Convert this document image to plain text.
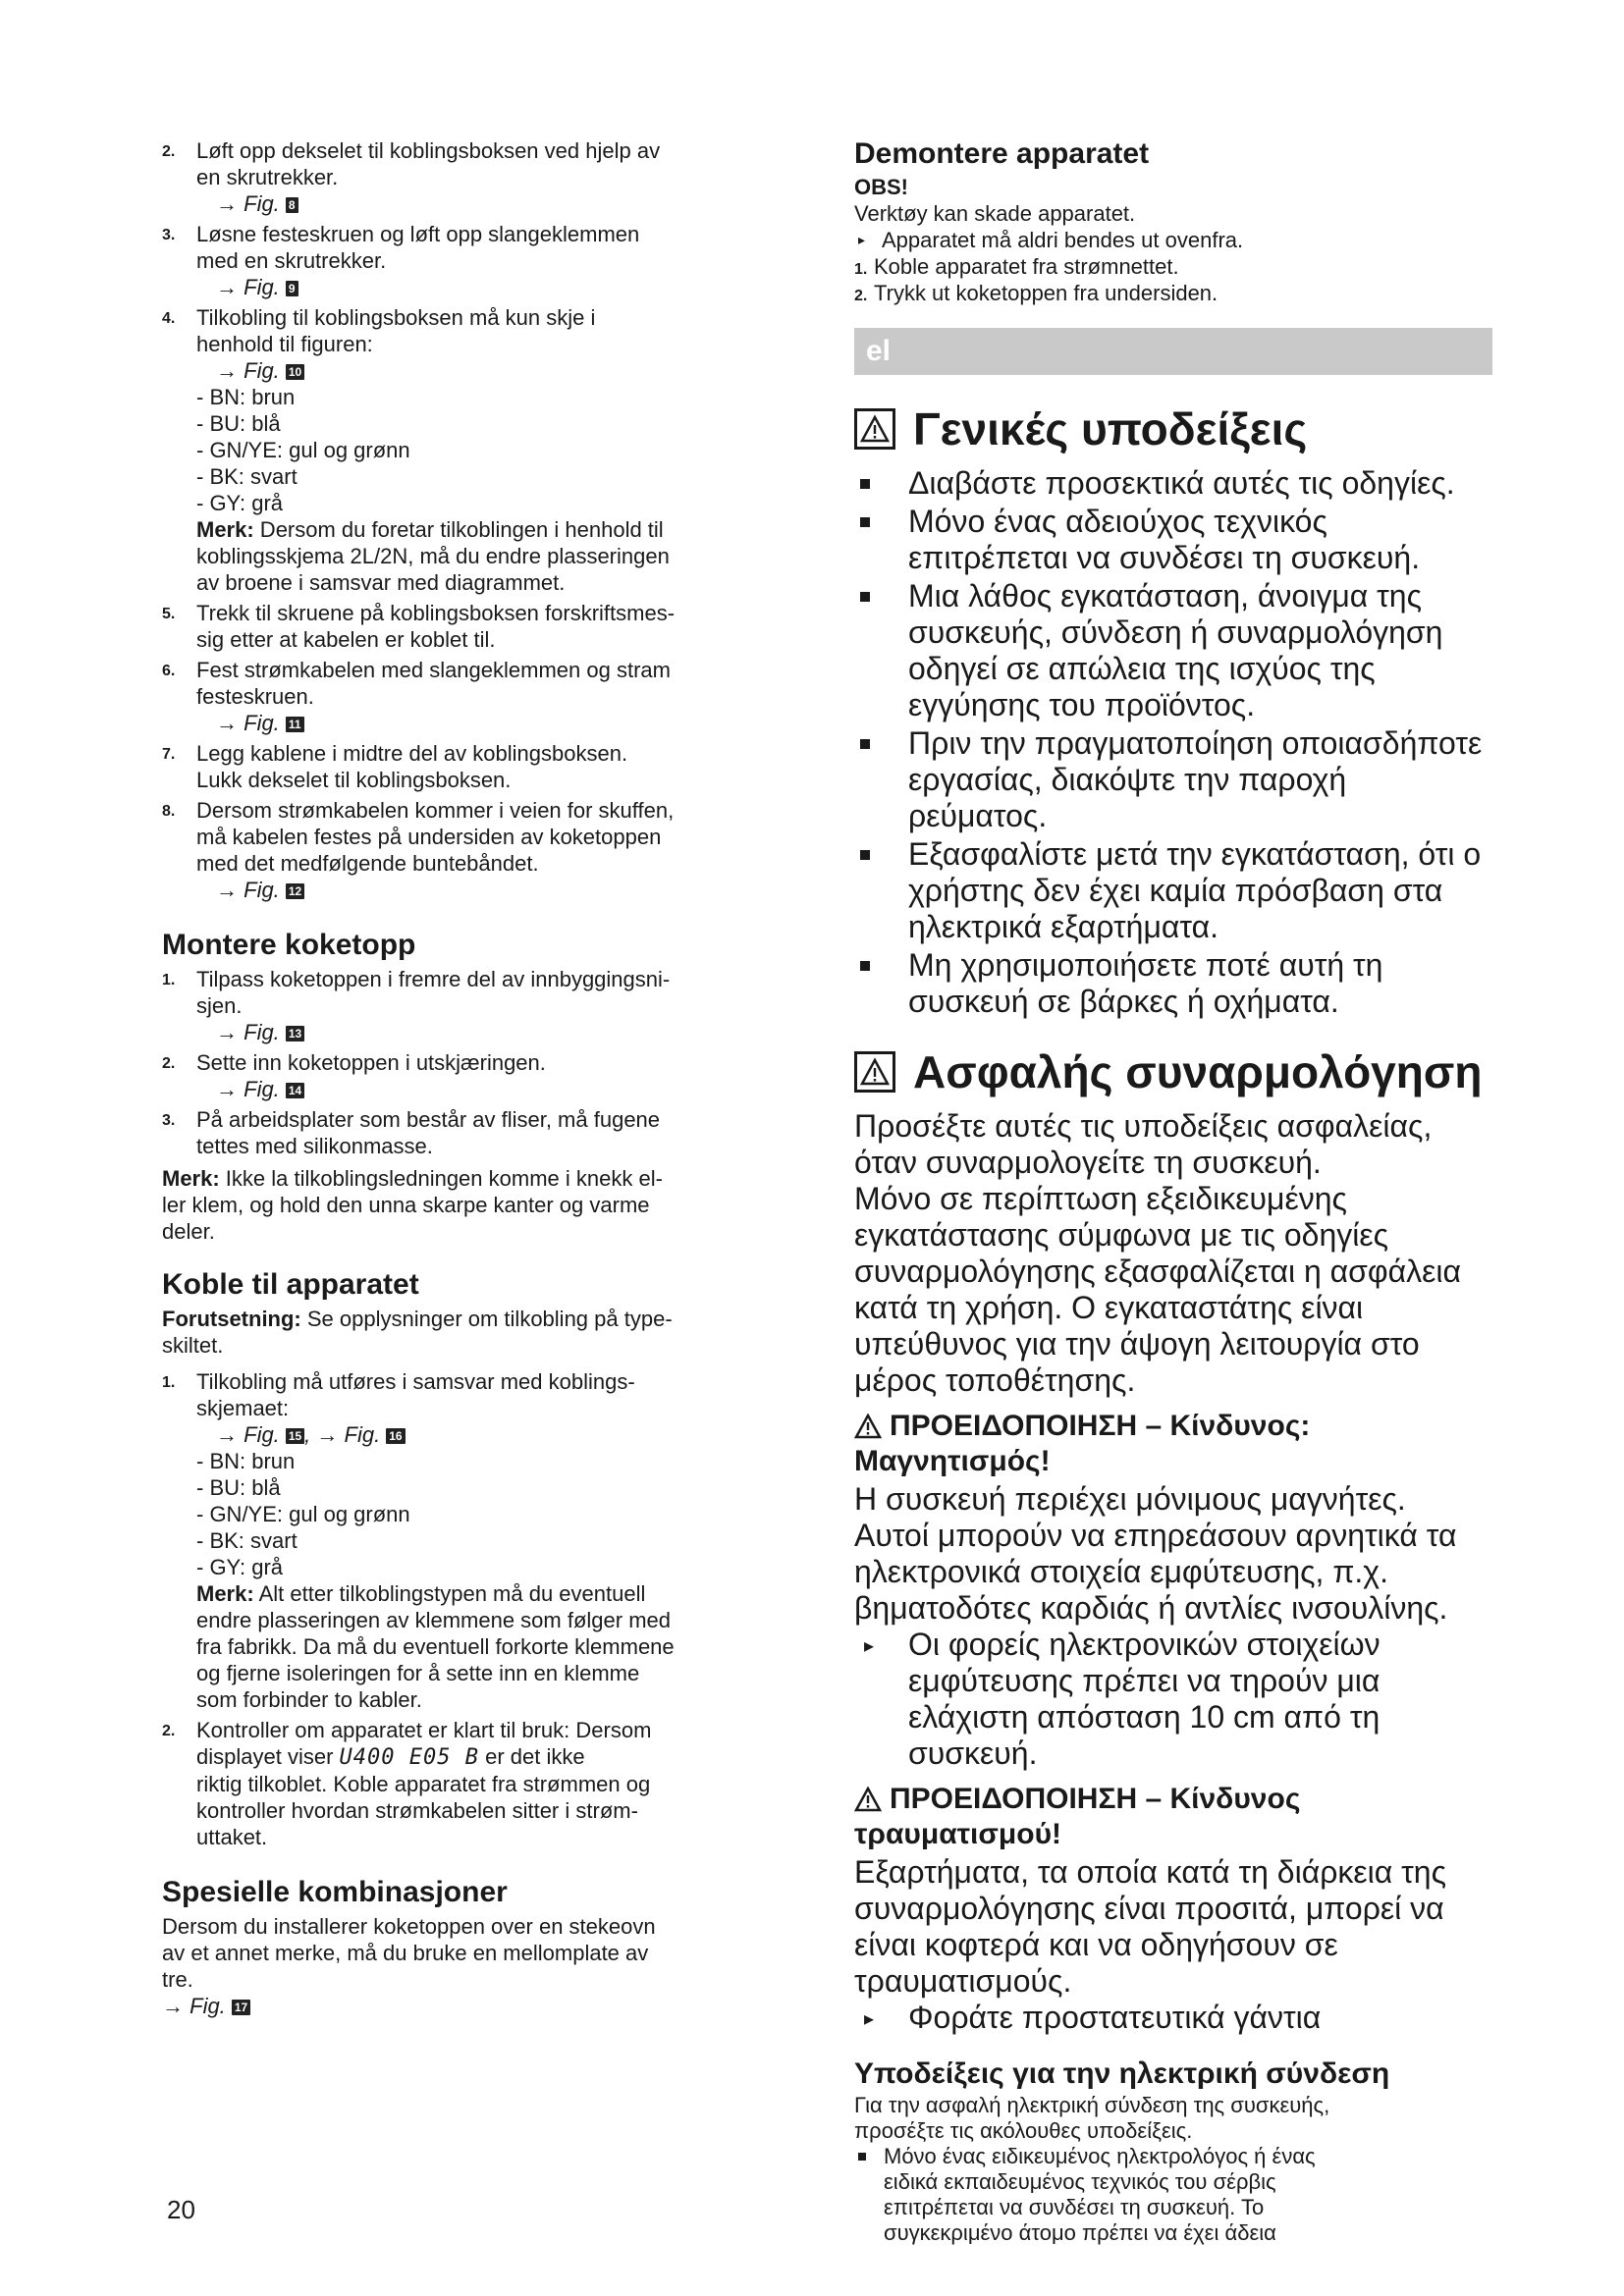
2. Løft opp dekselet til koblingsboksen ved hjelp av
en skrutrekker.
→ Fig. 8
3. Løsne festeskruen og løft opp slangeklemmen
med en skrutrekker.
→ Fig. 9
4. Tilkobling til koblingsboksen må kun skje i
henhold til figuren:
→ Fig. 10
- BN: brun
- BU: blå
- GN/YE: gul og grønn
- BK: svart
- GY: grå
Merk: Dersom du foretar tilkoblingen i henhold til
koblingsskjema 2L/2N, må du endre plasseringen
av broene i samsvar med diagrammet.
5. Trekk til skruene på koblingsboksen forskriftsmes-
sig etter at kabelen er koblet til.
6. Fest strømkabelen med slangeklemmen og stram
festeskruen.
→ Fig. 11
7. Legg kablene i midtre del av koblingsboksen.
Lukk dekselet til koblingsboksen.
8. Dersom strømkabelen kommer i veien for skuffen,
må kabelen festes på undersiden av koketoppen
med det medfølgende buntebåndet.
→ Fig. 12
Montere koketopp
1. Tilpass koketoppen i fremre del av innbyggingsni-
sjen.
→ Fig. 13
2. Sette inn koketoppen i utskjæringen.
→ Fig. 14
3. På arbeidsplater som består av fliser, må fugene
tettes med silikonmasse.
Merk: Ikke la tilkoblingsledningen komme i knekk el-
ler klem, og hold den unna skarpe kanter og varme
deler.
Koble til apparatet
Forutsetning: Se opplysninger om tilkobling på type-
skiltet.
1. Tilkobling må utføres i samsvar med koblings-
skjemaet:
→ Fig. 15 , → Fig. 16
- BN: brun
- BU: blå
- GN/YE: gul og grønn
- BK: svart
- GY: grå
Merk: Alt etter tilkoblingstypen må du eventuell
endre plasseringen av klemmene som følger med
fra fabrikk. Da må du eventuell forkorte klemmene
og fjerne isoleringen for å sette inn en klemme
som forbinder to kabler.
2. Kontroller om apparatet er klart til bruk: Dersom
displayet viser U400 E05 B er det ikke
riktig tilkoblet. Koble apparatet fra strømmen og
kontroller hvordan strømkabelen sitter i strøm-
uttaket.
Spesielle kombinasjoner
Dersom du installerer koketoppen over en stekeovn
av et annet merke, må du bruke en mellomplate av
tre.
→ Fig. 17
Demontere apparatet
OBS!
Verktøy kan skade apparatet.
▸ Apparatet må aldri bendes ut ovenfra.
1. Koble apparatet fra strømnettet.
2. Trykk ut koketoppen fra undersiden.
el
Γενικές υποδείξεις
Διαβάστε προσεκτικά αυτές τις οδηγίες.
Μόνο ένας αδειούχος τεχνικός
επιτρέπεται να συνδέσει τη συσκευή.
Μια λάθος εγκατάσταση, άνοιγμα της
συσκευής, σύνδεση ή συναρμολόγηση
οδηγεί σε απώλεια της ισχύος της
εγγύησης του προϊόντος.
Πριν την πραγματοποίηση οποιασδήποτε
εργασίας, διακόψτε την παροχή ρεύματος.
Εξασφαλίστε μετά την εγκατάσταση, ότι ο
χρήστης δεν έχει καμία πρόσβαση στα
ηλεκτρικά εξαρτήματα.
Μη χρησιμοποιήσετε ποτέ αυτή τη
συσκευή σε βάρκες ή οχήματα.
Ασφαλής συναρμολόγηση
Προσέξτε αυτές τις υποδείξεις ασφαλείας,
όταν συναρμολογείτε τη συσκευή.
Μόνο σε περίπτωση εξειδικευμένης
εγκατάστασης σύμφωνα με τις οδηγίες
συναρμολόγησης εξασφαλίζεται η ασφάλεια
κατά τη χρήση. Ο εγκαταστάτης είναι
υπεύθυνος για την άψογη λειτουργία στο
μέρος τοποθέτησης.
ΠΡΟΕΙΔΟΠΟΙΗΣΗ – Κίνδυνος:
Μαγνητισμός!
Η συσκευή περιέχει μόνιμους μαγνήτες.
Αυτοί μπορούν να επηρεάσουν αρνητικά τα
ηλεκτρονικά στοιχεία εμφύτευσης, π.χ.
βηματοδότες καρδιάς ή αντλίες ινσουλίνης.
▸ Οι φορείς ηλεκτρονικών στοιχείων
εμφύτευσης πρέπει να τηρούν μια
ελάχιστη απόσταση 10 cm από τη
συσκευή.
ΠΡΟΕΙΔΟΠΟΙΗΣΗ – Κίνδυνος
τραυματισμού!
Εξαρτήματα, τα οποία κατά τη διάρκεια της
συναρμολόγησης είναι προσιτά, μπορεί να
είναι κοφτερά και να οδηγήσουν σε
τραυματισμούς.
▸ Φοράτε προστατευτικά γάντια
Υποδείξεις για την ηλεκτρική σύνδεση
Για την ασφαλή ηλεκτρική σύνδεση της συσκευής,
προσέξτε τις ακόλουθες υποδείξεις.
Μόνο ένας ειδικευμένος ηλεκτρολόγος ή ένας
ειδικά εκπαιδευμένος τεχνικός του σέρβις
επιτρέπεται να συνδέσει τη συσκευή. Το
συγκεκριμένο άτομο πρέπει να έχει άδεια
20
